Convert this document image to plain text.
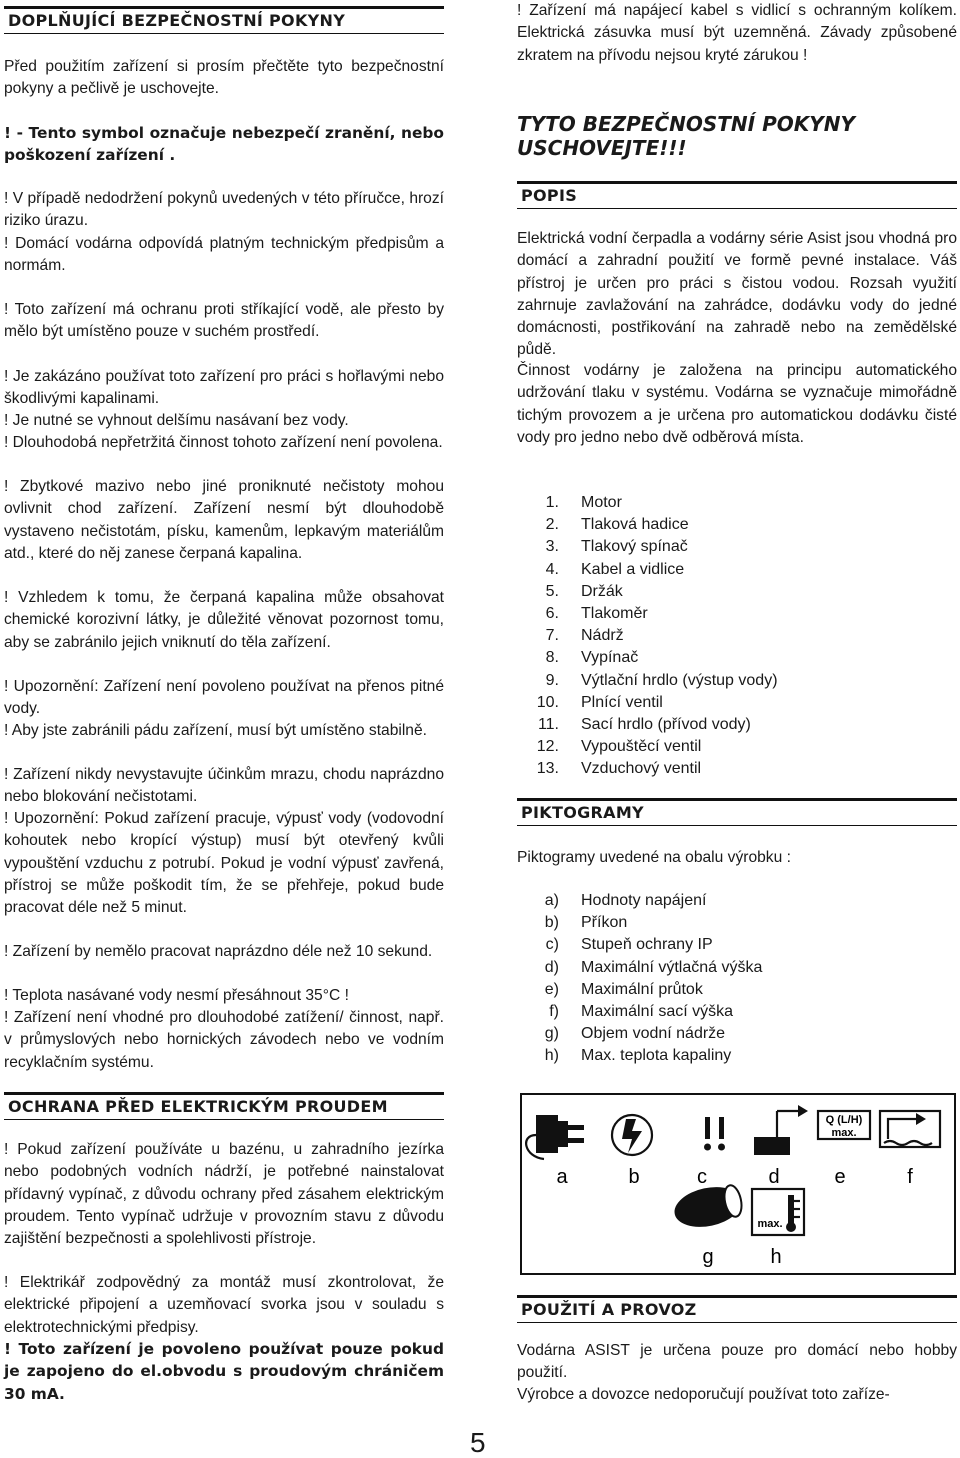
DOPLŇUJÍCÍ BEZPEČNOSTNÍ POKYNY
Před použitím zařízení si prosím přečtěte tyto bezpečnostní pokyny a pečlivě je uschovejte.
! - Tento symbol označuje nebezpečí zranění, nebo poškození zařízení .
! V případě nedodržení pokynů uvedených v této příručce, hrozí riziko úrazu.
! Domácí vodárna odpovídá platným technickým předpisům a normám.
! Toto zařízení má ochranu proti stříkající vodě, ale přesto by mělo být umístěno pouze v suchém prostředí.
! Je zakázáno používat toto zařízení pro práci s hořlavými nebo škodlivými kapalinami.
! Je nutné se vyhnout delšímu nasávaní bez vody.
! Dlouhodobá nepřetržitá činnost tohoto zařízení není povolena.
! Zbytkové mazivo nebo jiné proniknuté nečistoty mohou ovlivnit chod zařízení. Zařízení nesmí být dlouhodobě vystaveno nečistotám, písku, kamenům, lepkavým materiálům atd., které do něj zanese čerpaná kapalina.
! Vzhledem k tomu, že čerpaná kapalina může obsahovat chemické korozivní látky, je důležité věnovat pozornost tomu, aby se zabránilo jejich vniknutí do těla zařízení.
! Upozornění: Zařízení není povoleno používat na přenos pitné vody.
! Aby jste zabránili pádu zařízení, musí být umístěno stabilně.
! Zařízení nikdy nevystavujte účinkům mrazu, chodu naprázdno nebo blokování nečistotami.
! Upozornění: Pokud zařízení pracuje, výpusť vody (vodovodní kohoutek nebo kropící výstup) musí být otevřený kvůli vypouštění vzduchu z potrubí. Pokud je vodní výpusť zavřená, přístroj se může poškodit tím, že se přehřeje, pokud bude pracovat déle než 5 minut.
! Zařízení by nemělo pracovat naprázdno déle než 10 sekund.
! Teplota nasávané vody nesmí přesáhnout 35°C !
! Zařízení není vhodné pro dlouhodobé zatížení/ činnost, např. v průmyslových nebo hornických závodech nebo ve vodním recyklačním systému.
OCHRANA PŘED ELEKTRICKÝM PROUDEM
! Pokud zařízení používáte u bazénu, u zahradního jezírka nebo podobných vodních nádrží, je potřebné nainstalovat přídavný vypínač, z důvodu ochrany před zásahem elektrickým proudem. Tento vypínač udržuje v provozním stavu z důvodu zajištění bezpečnosti a spolehlivosti přístroje.
! Elektrikář zodpovědný za montáž musí zkontrolovat, že elektrické připojení a uzemňovací svorka jsou v souladu s elektrotechnickými předpisy.
! Toto zařízení je povoleno používat pouze pokud je zapojeno do el.obvodu s proudovým chráničem 30 mA.
! Zařízení má napájecí kabel s vidlicí s ochranným kolíkem. Elektrická zásuvka musí být uzemněná. Závady způsobené zkratem na přívodu nejsou kryté zárukou !
TYTO BEZPEČNOSTNÍ POKYNY USCHOVEJTE!!!
POPIS
Elektrická vodní čerpadla a vodárny série Asist jsou vhodná pro domácí a zahradní použití ve formě pevné instalace. Váš přístroj je určen pro práci s čistou vodou. Rozsah využití zahrnuje zavlažování na zahrádce, dodávku vody do jedné domácnosti, postřikování na zahradě nebo na zemědělské půdě.
Činnost vodárny je založena na principu automatického udržování tlaku v systému. Vodárna se vyznačuje mimořádně tichým provozem a je určena pro automatickou dodávku čisté vody pro jedno nebo dvě odběrová místa.
1. Motor
2. Tlaková hadice
3. Tlakový spínač
4. Kabel a vidlice
5. Držák
6. Tlakoměr
7. Nádrž
8. Vypínač
9. Výtlační hrdlo (výstup vody)
10. Plnící ventil
11. Sací hrdlo (přívod vody)
12. Vypouštěcí ventil
13. Vzduchový ventil
PIKTOGRAMY
Piktogramy uvedené na obalu výrobku :
a) Hodnoty napájení
b) Příkon
c) Stupeň ochrany IP
d) Maximální výtlačná výška
e) Maximální průtok
f) Maximální sací výška
g) Objem vodní nádrže
h) Max. teplota kapaliny
POUŽITÍ A PROVOZ
Vodárna ASIST je určena pouze pro domácí nebo hobby použití.
Výrobce a dovozce nedoporučují používat toto zaříze-
Q (L/H)
max.
a	b	c	d	e	f
max.
g	h
5
